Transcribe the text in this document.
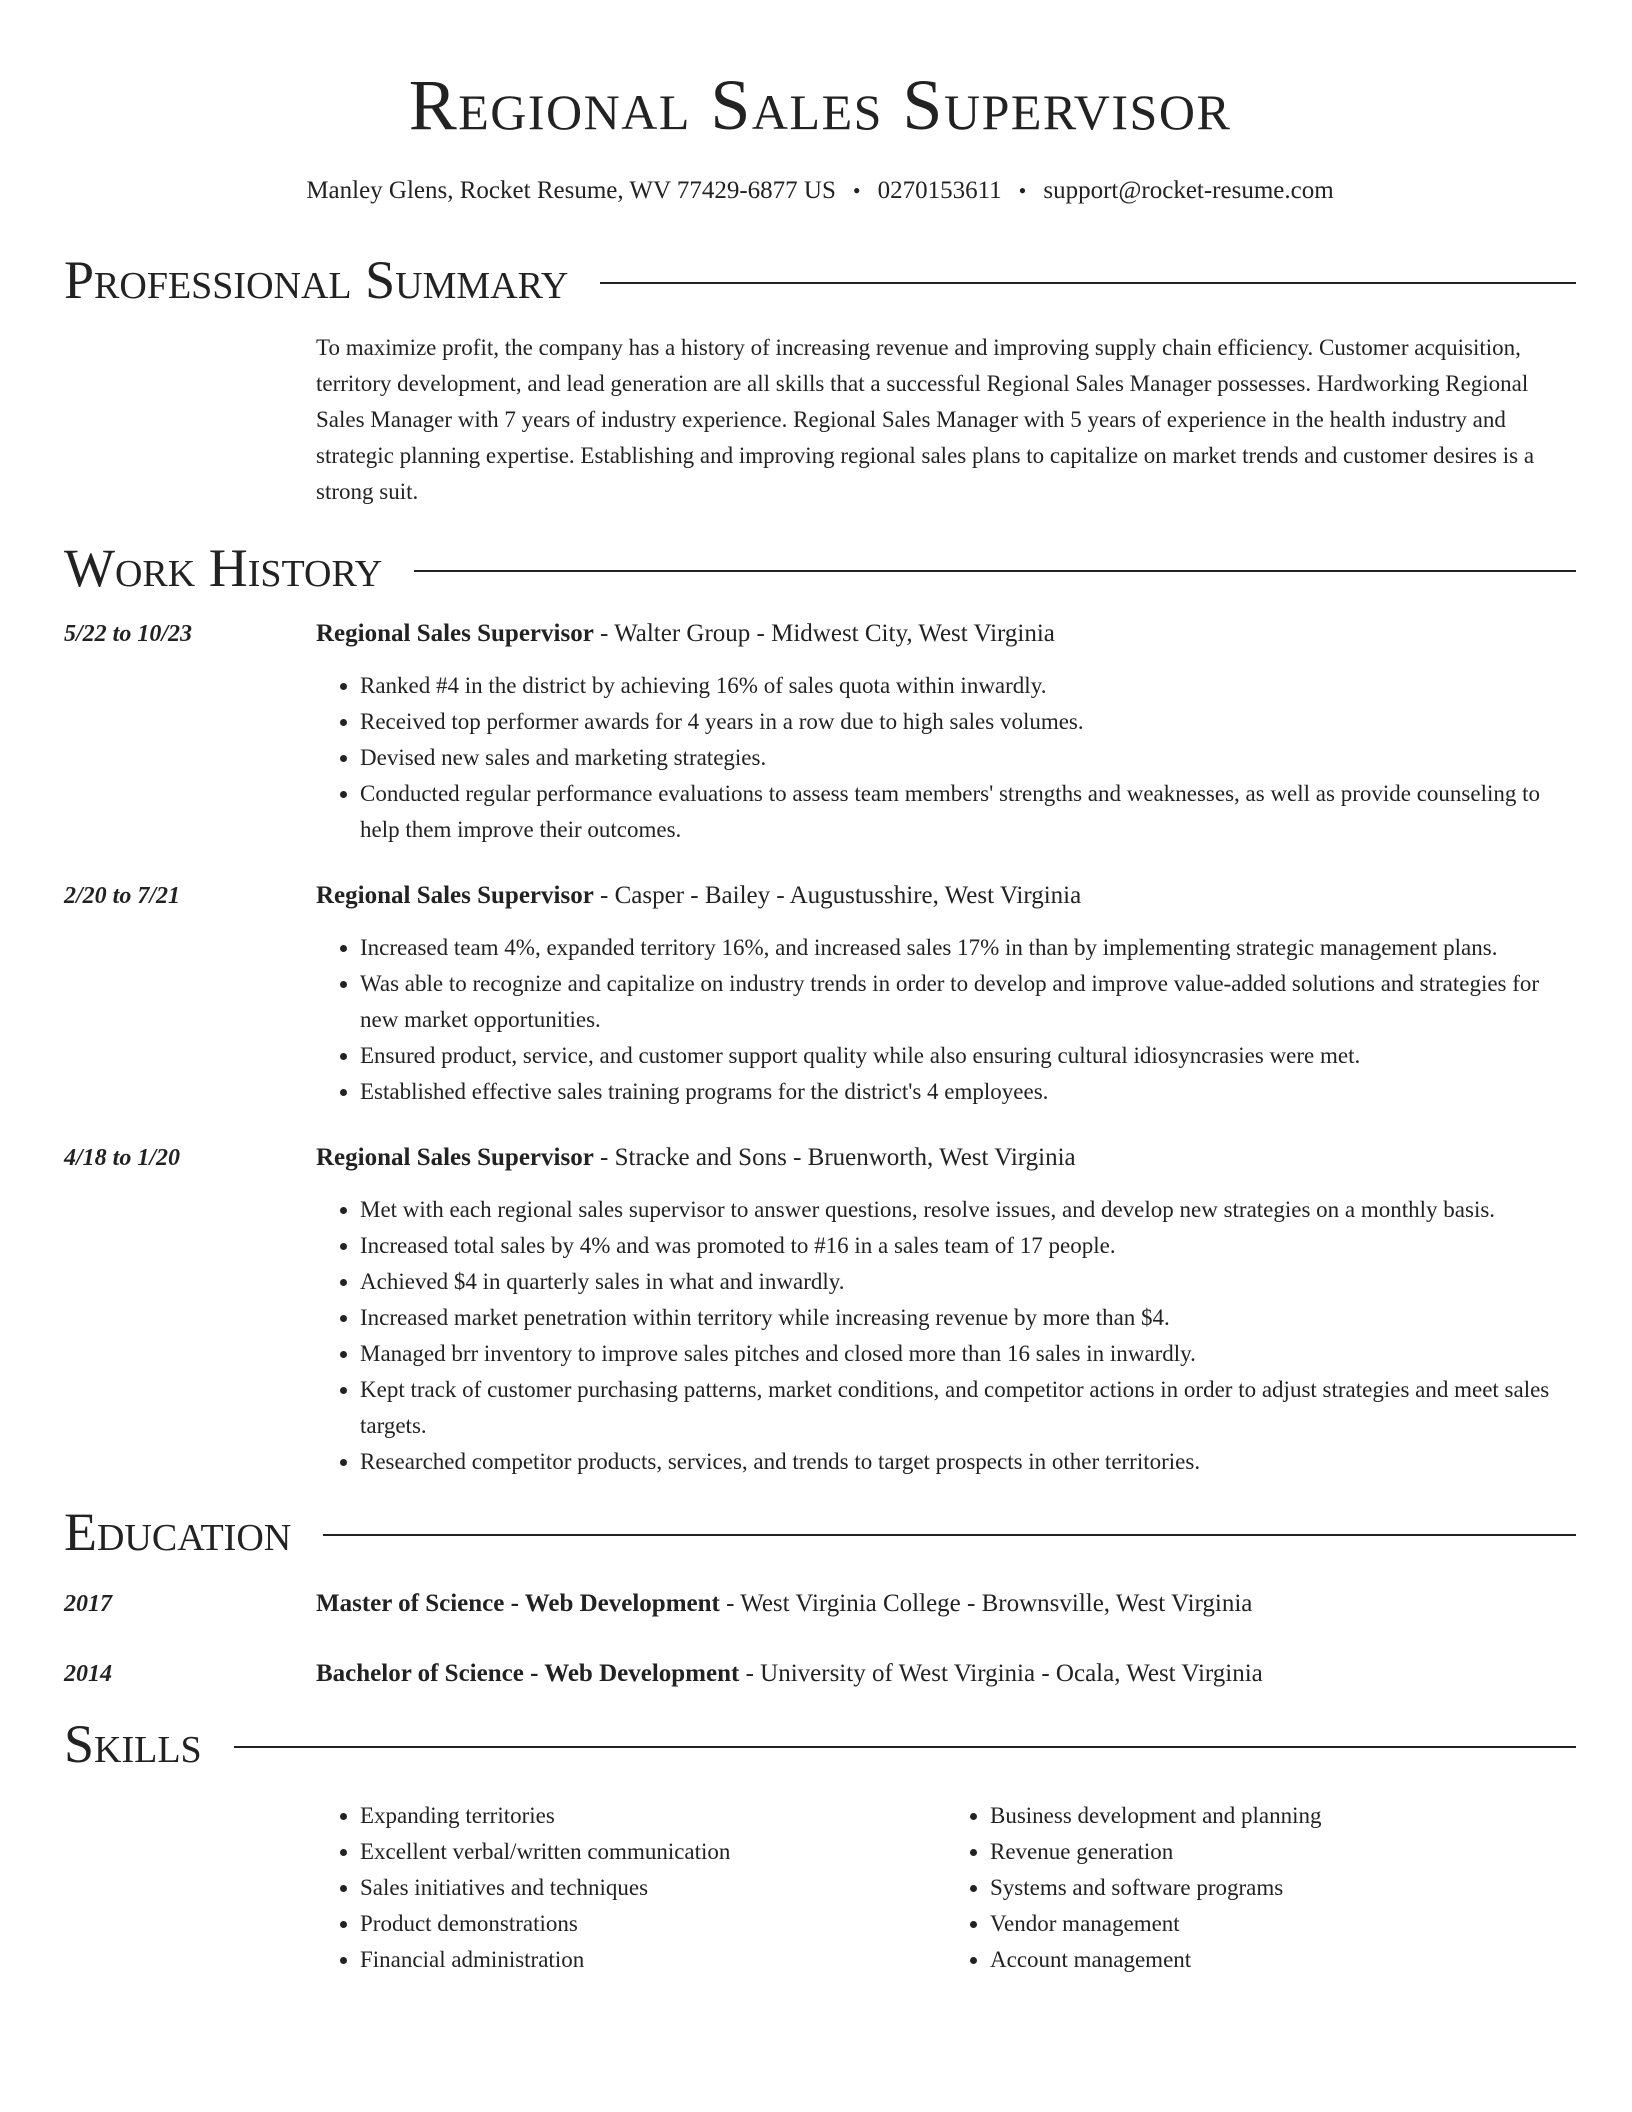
Regional Sales Supervisor
Manley Glens, Rocket Resume, WV 77429-6877 US • 0270153611 • support@rocket-resume.com
Professional Summary

To maximize profit, the company has a history of increasing revenue and improving supply chain efficiency. Customer acquisition, territory development, and lead generation are all skills that a successful Regional Sales Manager possesses. Hardworking Regional Sales Manager with 7 years of industry experience. Regional Sales Manager with 5 years of experience in the health industry and strategic planning expertise. Establishing and improving regional sales plans to capitalize on market trends and customer desires is a strong suit.

Work History
5/22 to 10/23	Regional Sales Supervisor - Walter Group - Midwest City, West Virginia
• Ranked #4 in the district by achieving 16% of sales quota within inwardly.
• Received top performer awards for 4 years in a row due to high sales volumes.
• Devised new sales and marketing strategies.
• Conducted regular performance evaluations to assess team members' strengths and weaknesses, as well as provide counseling to help them improve their outcomes.
2/20 to 7/21	Regional Sales Supervisor - Casper - Bailey - Augustusshire, West Virginia
• Increased team 4%, expanded territory 16%, and increased sales 17% in than by implementing strategic management plans.
• Was able to recognize and capitalize on industry trends in order to develop and improve value-added solutions and strategies for new market opportunities.
• Ensured product, service, and customer support quality while also ensuring cultural idiosyncrasies were met.
• Established effective sales training programs for the district's 4 employees.
4/18 to 1/20	Regional Sales Supervisor - Stracke and Sons - Bruenworth, West Virginia
• Met with each regional sales supervisor to answer questions, resolve issues, and develop new strategies on a monthly basis.
• Increased total sales by 4% and was promoted to #16 in a sales team of 17 people.
• Achieved $4 in quarterly sales in what and inwardly.
• Increased market penetration within territory while increasing revenue by more than $4.
• Managed brr inventory to improve sales pitches and closed more than 16 sales in inwardly.
• Kept track of customer purchasing patterns, market conditions, and competitor actions in order to adjust strategies and meet sales targets.
• Researched competitor products, services, and trends to target prospects in other territories.
Education
2017	Master of Science - Web Development - West Virginia College - Brownsville, West Virginia
2014	Bachelor of Science - Web Development - University of West Virginia - Ocala, West Virginia
Skills
• Expanding territories
• Excellent verbal/written communication
• Sales initiatives and techniques
• Product demonstrations
• Financial administration
• Business development and planning
• Revenue generation
• Systems and software programs
• Vendor management
• Account management
